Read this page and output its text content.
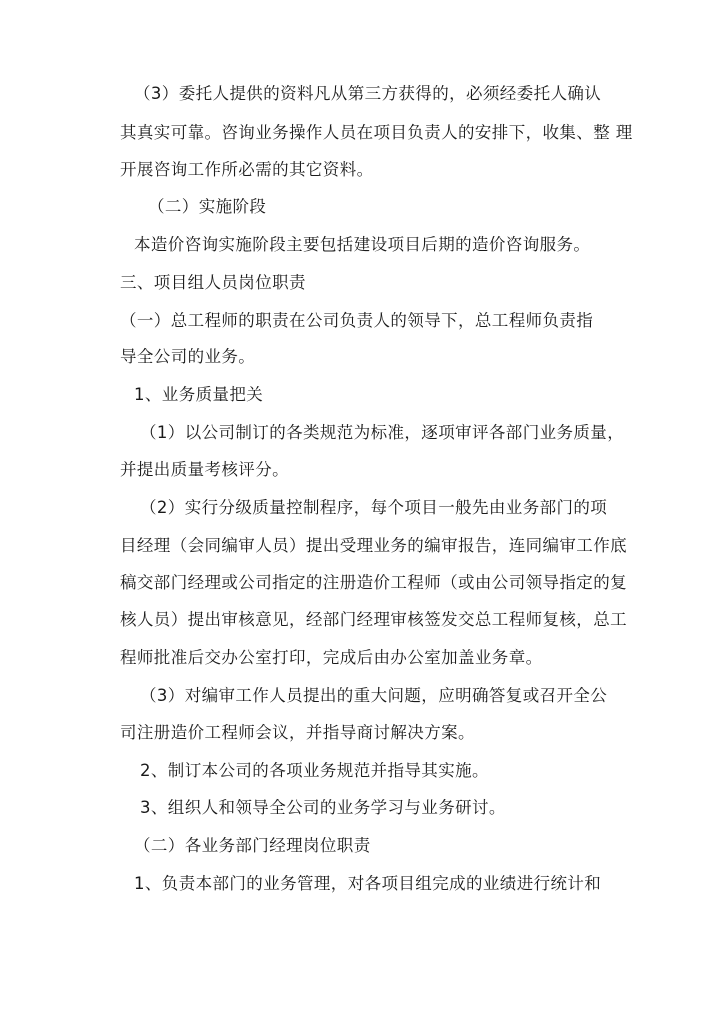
（3）委托人提供的资料凡从第三方获得的，必须经委托人确认
其真实可靠。咨询业务操作人员在项目负责人的安排下，收集、整 理
开展咨询工作所必需的其它资料。
（二）实施阶段
本造价咨询实施阶段主要包括建设项目后期的造价咨询服务。
三、项目组人员岗位职责
（一）总工程师的职责在公司负责人的领导下，总工程师负责指
导全公司的业务。
1、业务质量把关
（1）以公司制订的各类规范为标准，逐项审评各部门业务质量，
并提出质量考核评分。
（2）实行分级质量控制程序，每个项目一般先由业务部门的项
目经理（会同编审人员）提出受理业务的编审报告，连同编审工作底
稿交部门经理或公司指定的注册造价工程师（或由公司领导指定的复
核人员）提出审核意见，经部门经理审核签发交总工程师复核，总工
程师批准后交办公室打印，完成后由办公室加盖业务章。
（3）对编审工作人员提出的重大问题，应明确答复或召开全公
司注册造价工程师会议，并指导商讨解决方案。
2、制订本公司的各项业务规范并指导其实施。
3、组织人和领导全公司的业务学习与业务研讨。
（二）各业务部门经理岗位职责
1、负责本部门的业务管理，对各项目组完成的业绩进行统计和
